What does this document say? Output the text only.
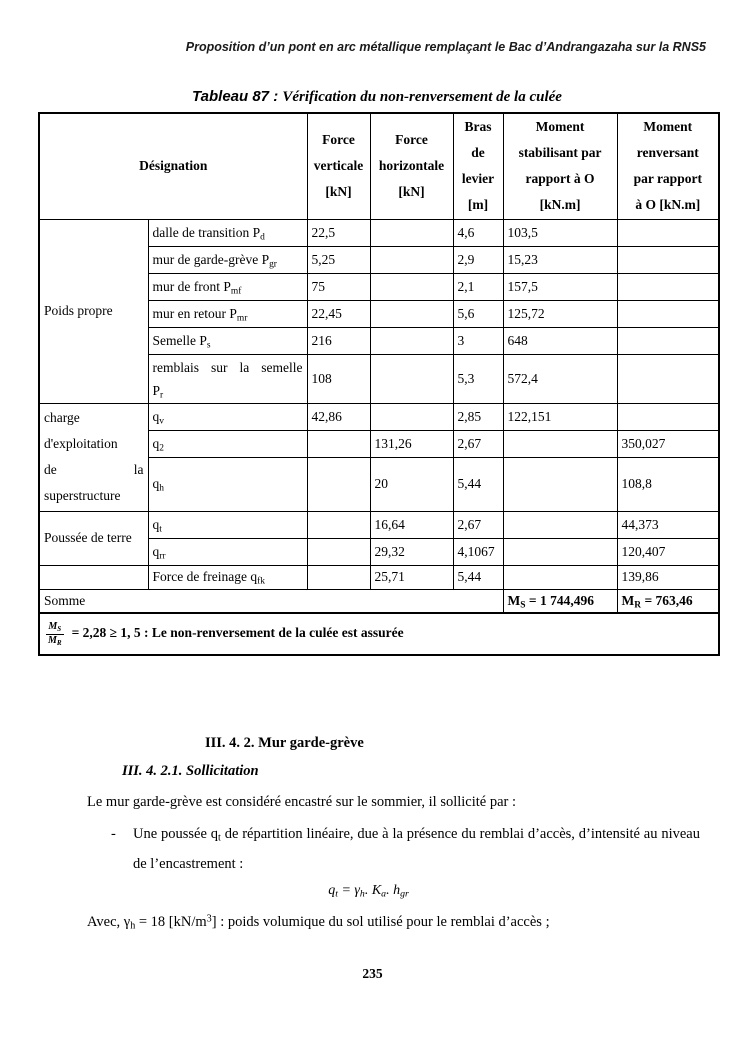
Proposition d’un pont en arc métallique remplaçant le Bac d’Andrangazaha sur la RNS5
Tableau 87 : Vérification du non-renversement de la culée
Désignation		Force
verticale
[kN]	Force
horizontale
[kN]	Bras
de
levier
[m]	Moment
stabilisant par
rapport à O
[kN.m]	Moment
renversant
par rapport
à O [kN.m]

Poids propre	dalle de transition $P_d$	22,5		4,6	103,5	
	mur de garde-grève $P_{gr}$	5,25		2,9	15,23	
	mur de front $P_{mf}$	75		2,1	157,5	
	mur en retour $P_{mr}$	22,45		5,6	125,72	
	Semelle $P_s$	216		3	648	

	remblais sur la semelle
$P_r$	108		5,3	572,4	

charge
d'exploitation
de la
superstructure	$q_v$	42,86		2,85	122,151	
	$q_2$		131,26	2,67		350,027
	$q_h$		20	5,44		108,8

Poussée de terre	$q_t$		16,64	2,67		44,373
	$q_{rr}$		29,32	4,1067		120,407
	Force de freinage $q_{fk}$		25,71	5,44		139,86
Somme					$M_S = 1$ 744,496	$M_R = 763,46$

$\frac{M_S}{M_R} = 2,28 \ge 1$, 5 : Le non-renversement de la culée est assurée						
III. 4. 2. Mur garde-grève
III. 4. 2.1. Sollicitation
Le mur garde-grève est considéré encastré sur le sommier, il sollicité par :
-	Une poussée $q_t$ de répartition linéaire, due à la présence du remblai d’accès, d’intensité au niveau de l’encastrement :
$q_t = \gamma_h$. $K_a$. $h_{gr}$
Avec, $\gamma_h = 18$ $[kN/m^3]$ : poids volumique du sol utilisé pour le remblai d’accès ;
235
